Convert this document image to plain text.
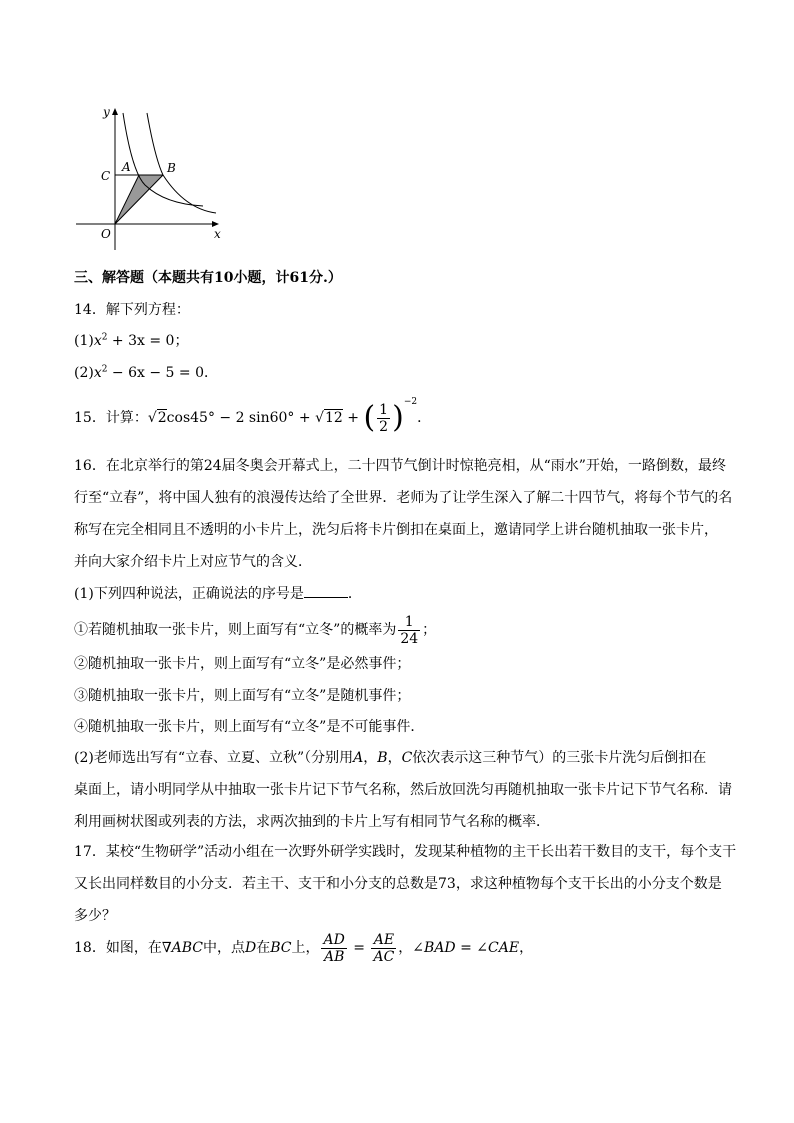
y
x
O
C
A	B
三、解答题（本题共有10小题，计61分.）
14．解下列方程：
$(1)x^2 + 3x = 0$；
$(2)x^2 - 6x - 5 = 0$．
15．计算：√2cos45° − 2 sin60° + √12 + ( $\frac{1}{2} )^{-2}$．
16．在北京举行的第24届冬奥会开幕式上，二十四节气倒计时惊艳亮相，从“雨水”开始，一路倒数，最终
行至“立春”，将中国人独有的浪漫传达给了全世界．老师为了让学生深入了解二十四节气，将每个节气的名
称写在完全相同且不透明的小卡片上，洗匀后将卡片倒扣在桌面上，邀请同学上讲台随机抽取一张卡片，
并向大家介绍卡片上对应节气的含义．
(1)下列四种说法，正确说法的序号是	．
①若随机抽取一张卡片，则上面写有“立冬”的概率为 $\frac{1}{24}$ ；
②随机抽取一张卡片，则上面写有“立冬”是必然事件；
③随机抽取一张卡片，则上面写有“立冬”是随机事件；
④随机抽取一张卡片，则上面写有“立冬”是不可能事件．
(2)老师选出写有“立春、立夏、立秋”（分别用A，B，C依次表示这三种节气）的三张卡片洗匀后倒扣在
桌面上，请小明同学从中抽取一张卡片记下节气名称，然后放回洗匀再随机抽取一张卡片记下节气名称．请
利用画树状图或列表的方法，求两次抽到的卡片上写有相同节气名称的概率．
17．某校“生物研学”活动小组在一次野外研学实践时，发现某种植物的主干长出若干数目的支干，每个支干
又长出同样数目的小分支．若主干、支干和小分支的总数是73，求这种植物每个支干长出的小分支个数是
多少？
18．如图，在∇ABC中，点D在BC上， $\frac{AD}{AB} = \frac{AE}{AC}$ ，∠BAD = ∠CAE，
